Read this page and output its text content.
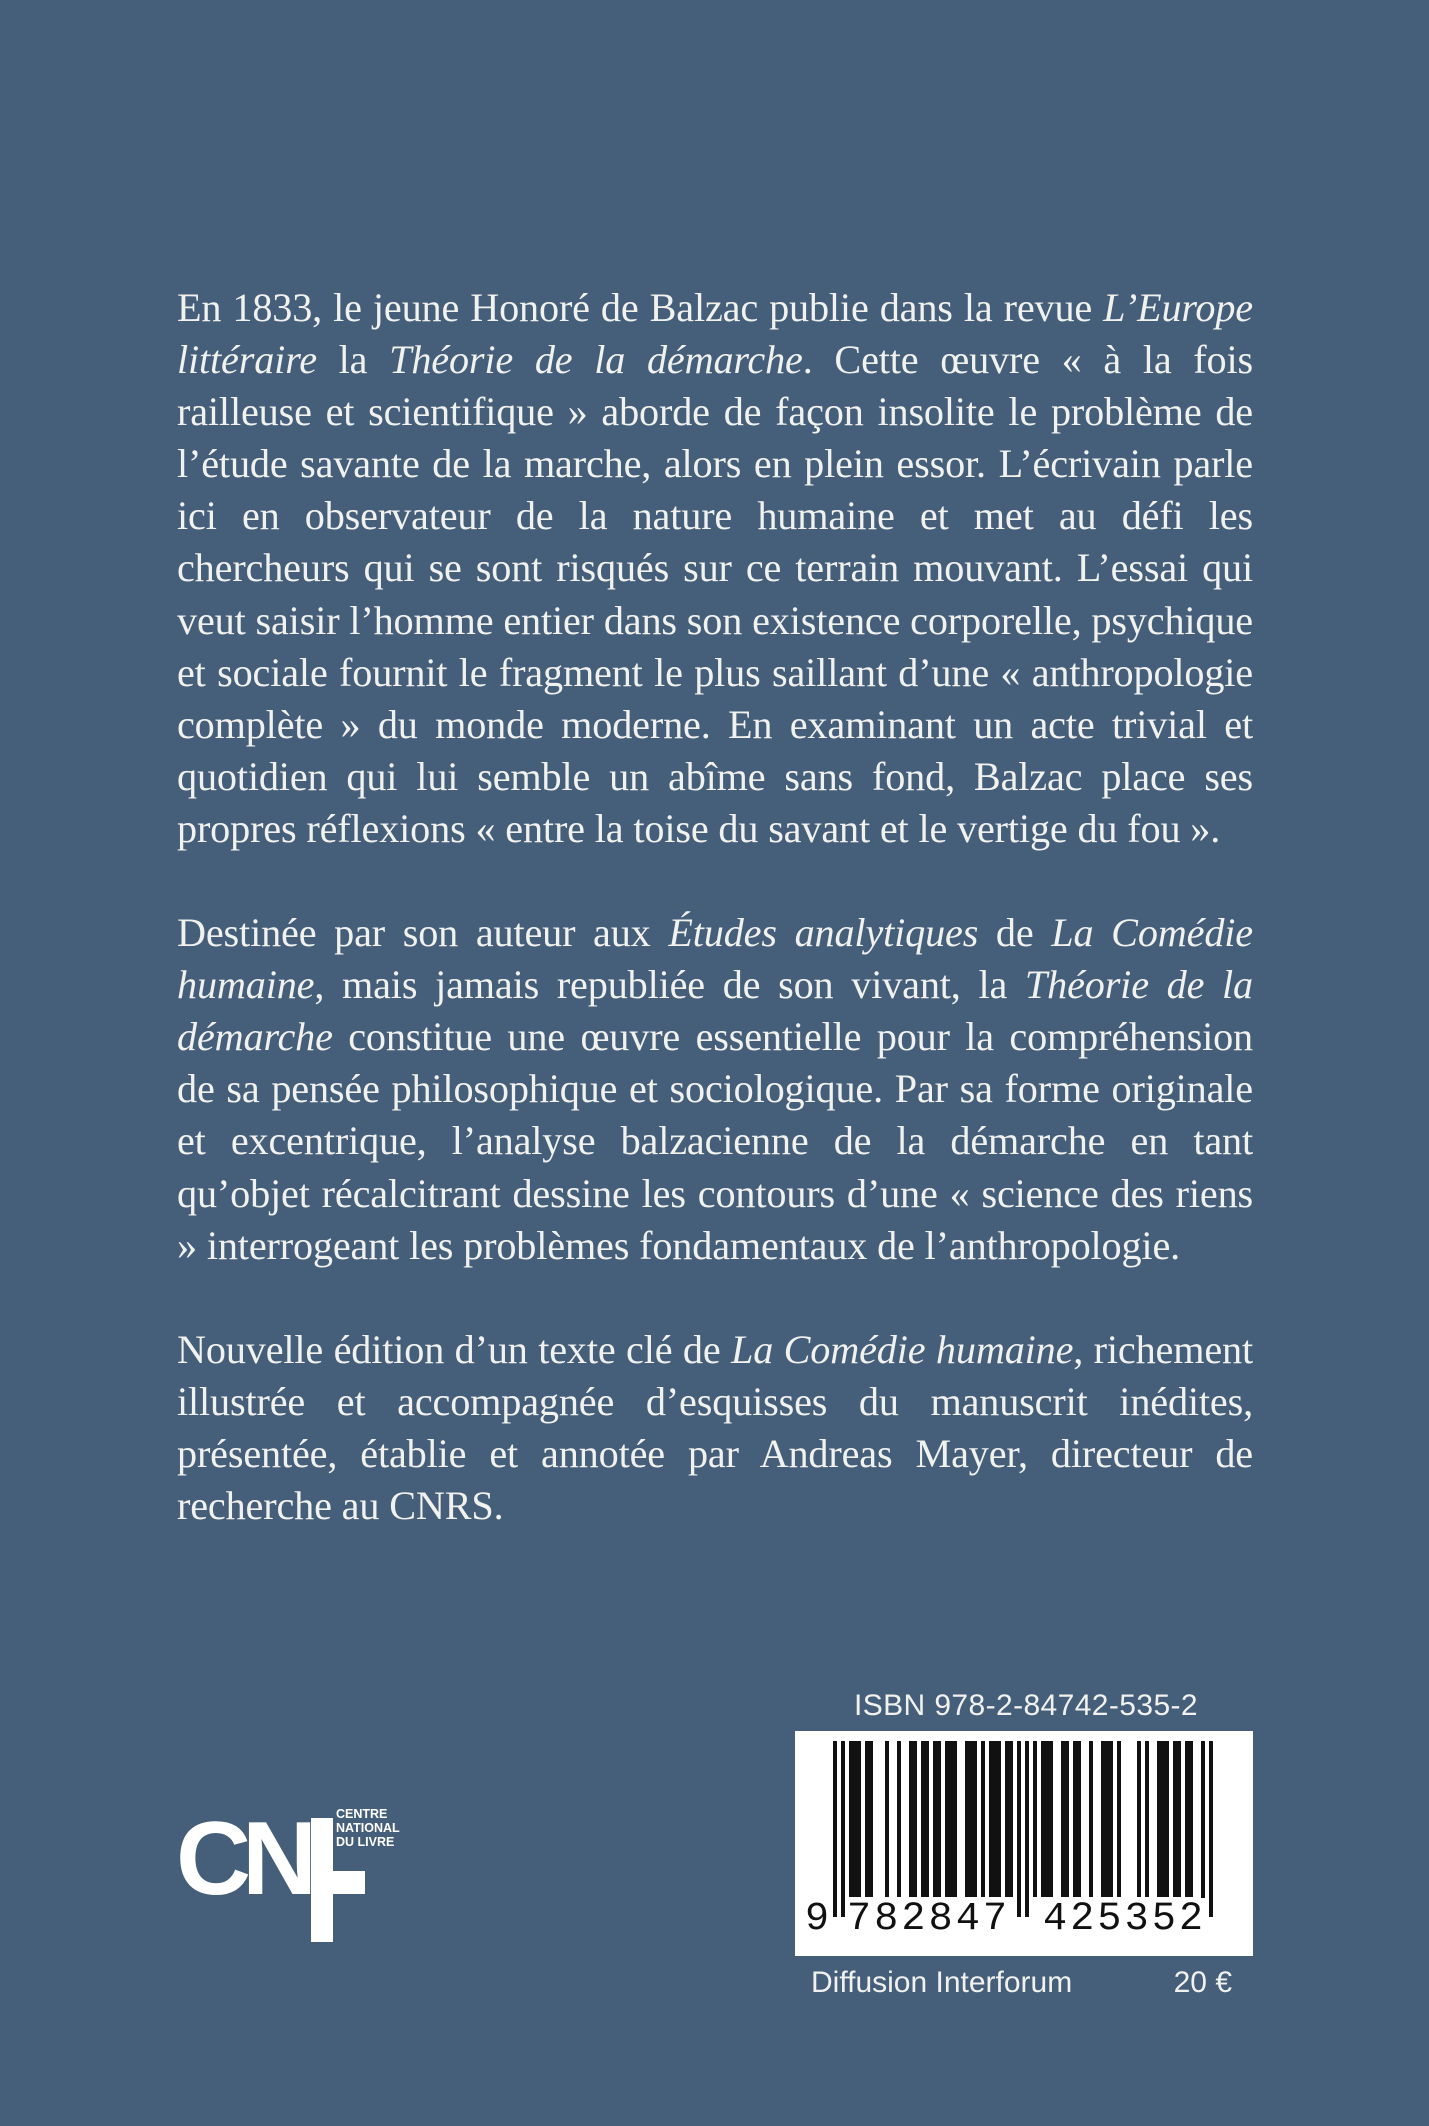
En 1833, le jeune Honoré de Balzac publie dans la revue L’Europe littéraire la Théorie de la démarche. Cette œuvre « à la fois railleuse et scientifique » aborde de façon insolite le problème de l’étude savante de la marche, alors en plein essor. L’écrivain parle ici en observateur de la nature humaine et met au défi les chercheurs qui se sont risqués sur ce terrain mouvant. L’essai qui veut saisir l’homme entier dans son existence corporelle, psychique et sociale fournit le fragment le plus saillant d’une « anthropologie complète » du monde moderne. En examinant un acte trivial et quotidien qui lui semble un abîme sans fond, Balzac place ses propres réflexions « entre la toise du savant et le vertige du fou ».

Destinée par son auteur aux Études analytiques de La Comédie humaine, mais jamais republiée de son vivant, la Théorie de la démarche constitue une œuvre essentielle pour la compréhension de sa pensée philosophique et sociologique. Par sa forme originale et excentrique, l’analyse balzacienne de la démarche en tant qu’objet récalcitrant dessine les contours d’une « science des riens » interrogeant les problèmes fondamentaux de l’anthropologie.

Nouvelle édition d’un texte clé de La Comédie humaine, richement illustrée et accompagnée d’esquisses du manuscrit inédites, présentée, établie et annotée par Andreas Mayer, directeur de recherche au CNRS.

C
N CENTRE
NATIONAL
DU LIVRE
ISBN 978-2-84742-535-2
9 782847 425352
Diffusion Interforum	20 €
